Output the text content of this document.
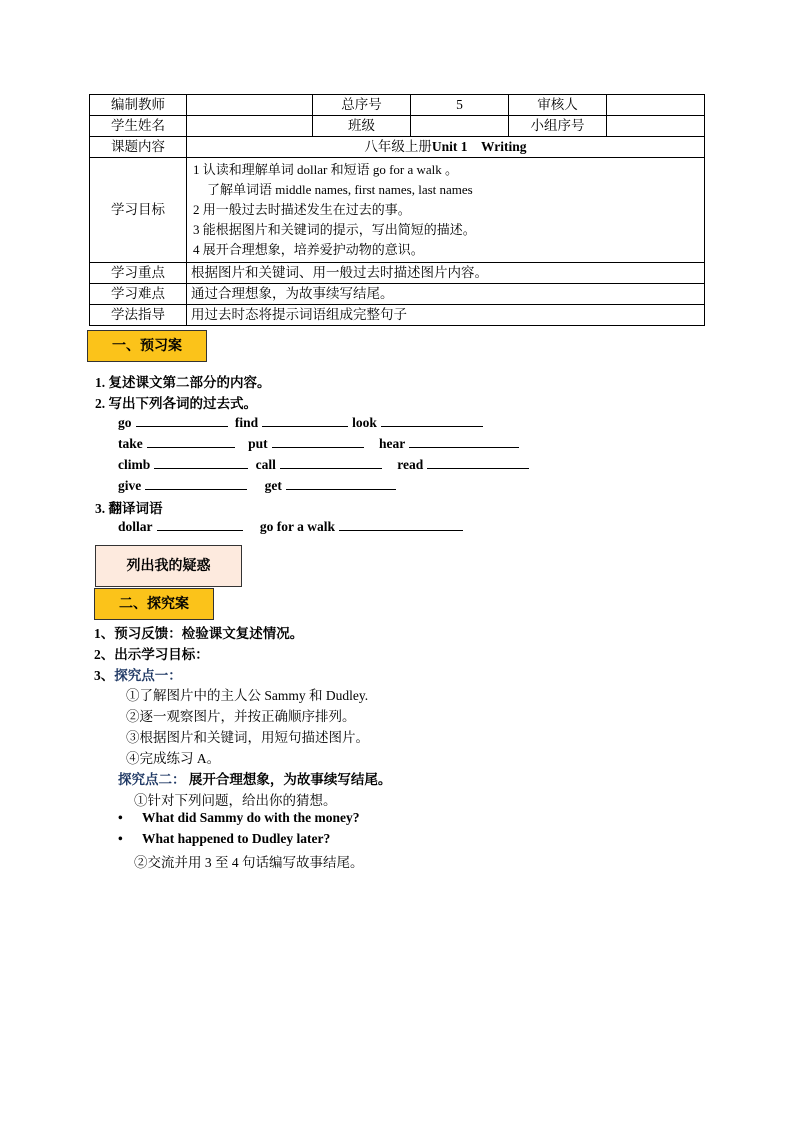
编制教师		总序号	5	审核人	
学生姓名		班级		小组序号	
课题内容	八年级上册Unit 1　Writing				
学习目标	1 认读和理解单词 dollar 和短语 go for a walk 。
了解单词语 middle names, first names, last names
2 用一般过去时描述发生在过去的事。
3 能根据图片和关键词的提示，写出简短的描述。
4 展开合理想象，培养爱护动物的意识。				

学习重点	根据图片和关键词、用一般过去时描述图片内容。				
学习难点	通过合理想象，为故事续写结尾。				
学法指导	用过去时态将提示词语组成完整句子				
一、预习案
1. 复述课文第二部分的内容。
2. 写出下列各词的过去式。
go	find	look
take	put	hear
climb	call	read
give	get
3. 翻译词语
dollar	go for a walk
列出我的疑惑
二、探究案
1、预习反馈：检验课文复述情况。
2、出示学习目标：
3、探究点一：
①了解图片中的主人公 Sammy 和 Dudley.
②逐一观察图片，并按正确顺序排列。
③根据图片和关键词，用短句描述图片。
④完成练习 A。
探究点二： 展开合理想象，为故事续写结尾。
①针对下列问题，给出你的猜想。
• What did Sammy do with the money?
• What happened to Dudley later?
②交流并用 3 至 4 句话编写故事结尾。
